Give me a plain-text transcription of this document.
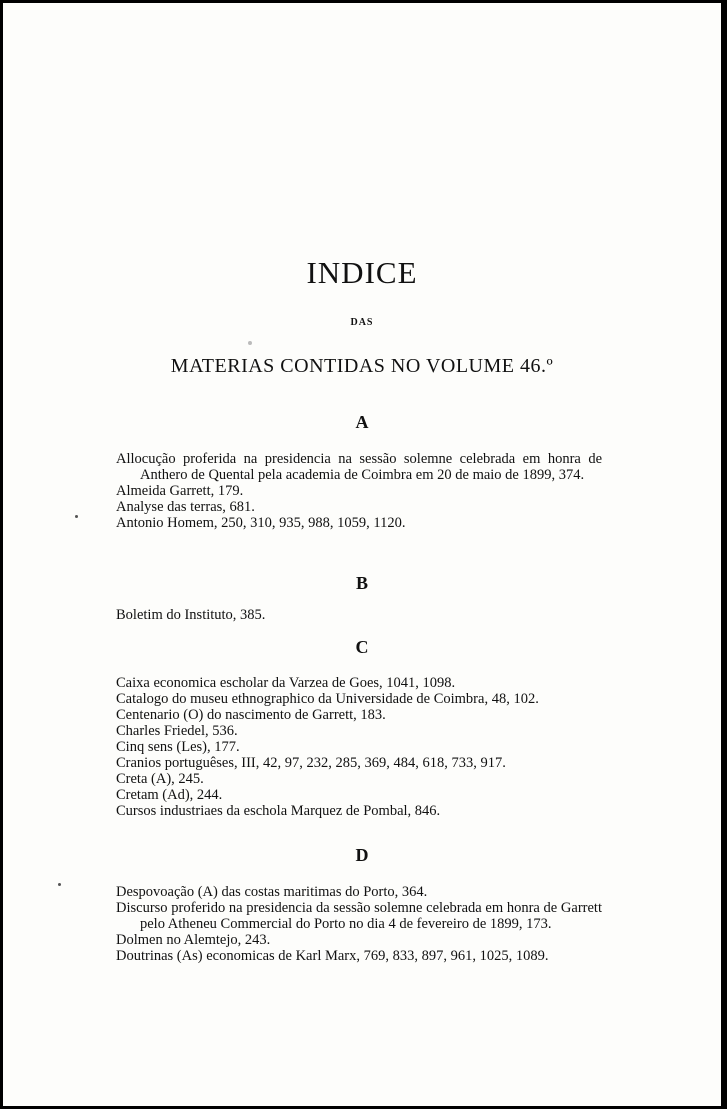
INDICE
DAS
MATERIAS CONTIDAS NO VOLUME 46.º
A
Allocução proferida na presidencia na sessão solemne celebrada em honra de Anthero de Quental pela academia de Coimbra em 20 de maio de 1899, 374.
Almeida Garrett, 179.
Analyse das terras, 681.
Antonio Homem, 250, 310, 935, 988, 1059, 1120.
B
Boletim do Instituto, 385.
C
Caixa economica escholar da Varzea de Goes, 1041, 1098.
Catalogo do museu ethnographico da Universidade de Coimbra, 48, 102.
Centenario (O) do nascimento de Garrett, 183.
Charles Friedel, 536.
Cinq sens (Les), 177.
Cranios portuguêses, III, 42, 97, 232, 285, 369, 484, 618, 733, 917.
Creta (A), 245.
Cretam (Ad), 244.
Cursos industriaes da eschola Marquez de Pombal, 846.
D
Despovoação (A) das costas maritimas do Porto, 364.
Discurso proferido na presidencia da sessão solemne celebrada em honra de Garrett pelo Atheneu Commercial do Porto no dia 4 de fevereiro de 1899, 173.
Dolmen no Alemtejo, 243.
Doutrinas (As) economicas de Karl Marx, 769, 833, 897, 961, 1025, 1089.
